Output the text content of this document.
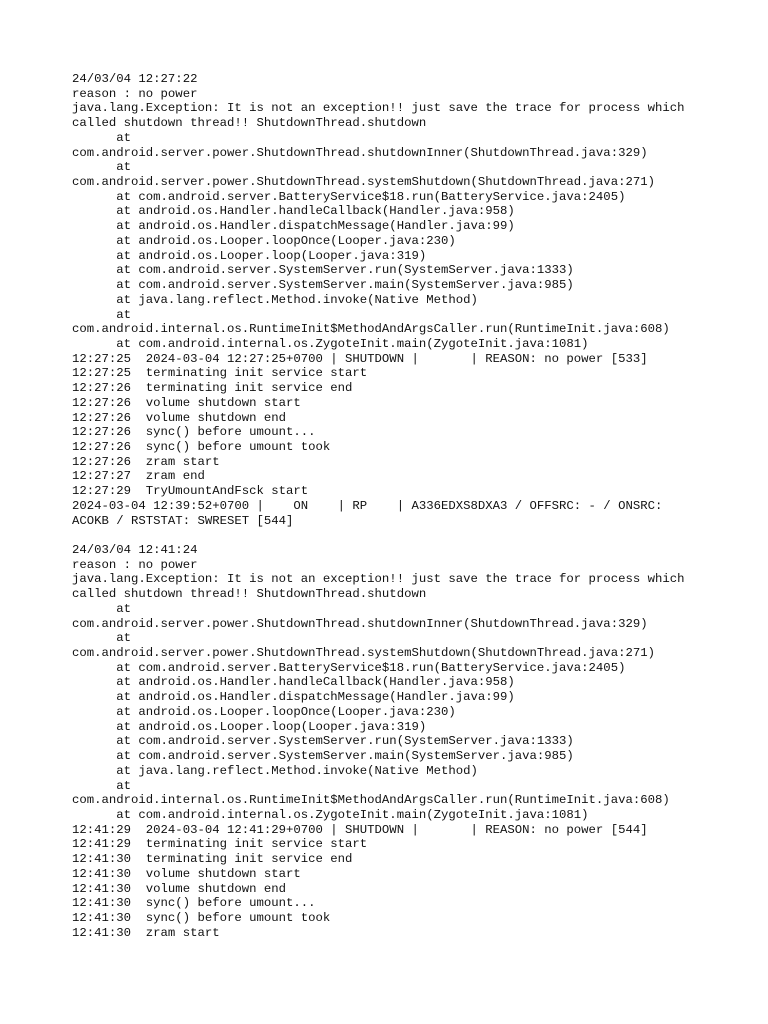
24/03/04 12:27:22
reason : no power
java.lang.Exception: It is not an exception!! just save the trace for process which
called shutdown thread!! ShutdownThread.shutdown
at
com.android.server.power.ShutdownThread.shutdownInner(ShutdownThread.java:329)
at
com.android.server.power.ShutdownThread.systemShutdown(ShutdownThread.java:271)
at com.android.server.BatteryService$18.run(BatteryService.java:2405)
at android.os.Handler.handleCallback(Handler.java:958)
at android.os.Handler.dispatchMessage(Handler.java:99)
at android.os.Looper.loopOnce(Looper.java:230)
at android.os.Looper.loop(Looper.java:319)
at com.android.server.SystemServer.run(SystemServer.java:1333)
at com.android.server.SystemServer.main(SystemServer.java:985)
at java.lang.reflect.Method.invoke(Native Method)
at
com.android.internal.os.RuntimeInit$MethodAndArgsCaller.run(RuntimeInit.java:608)
at com.android.internal.os.ZygoteInit.main(ZygoteInit.java:1081)
12:27:25  2024-03-04 12:27:25+0700 | SHUTDOWN |       | REASON: no power [533]
12:27:25  terminating init service start
12:27:26  terminating init service end
12:27:26  volume shutdown start
12:27:26  volume shutdown end
12:27:26  sync() before umount...
12:27:26  sync() before umount took
12:27:26  zram start
12:27:27  zram end
12:27:29  TryUmountAndFsck start
2024-03-04 12:39:52+0700 |    ON    | RP    | A336EDXS8DXA3 / OFFSRC: - / ONSRC:
ACOKB / RSTSTAT: SWRESET [544]
24/03/04 12:41:24
reason : no power
java.lang.Exception: It is not an exception!! just save the trace for process which
called shutdown thread!! ShutdownThread.shutdown
at
com.android.server.power.ShutdownThread.shutdownInner(ShutdownThread.java:329)
at
com.android.server.power.ShutdownThread.systemShutdown(ShutdownThread.java:271)
at com.android.server.BatteryService$18.run(BatteryService.java:2405)
at android.os.Handler.handleCallback(Handler.java:958)
at android.os.Handler.dispatchMessage(Handler.java:99)
at android.os.Looper.loopOnce(Looper.java:230)
at android.os.Looper.loop(Looper.java:319)
at com.android.server.SystemServer.run(SystemServer.java:1333)
at com.android.server.SystemServer.main(SystemServer.java:985)
at java.lang.reflect.Method.invoke(Native Method)
at
com.android.internal.os.RuntimeInit$MethodAndArgsCaller.run(RuntimeInit.java:608)
at com.android.internal.os.ZygoteInit.main(ZygoteInit.java:1081)
12:41:29  2024-03-04 12:41:29+0700 | SHUTDOWN |       | REASON: no power [544]
12:41:29  terminating init service start
12:41:30  terminating init service end
12:41:30  volume shutdown start
12:41:30  volume shutdown end
12:41:30  sync() before umount...
12:41:30  sync() before umount took
12:41:30  zram start
